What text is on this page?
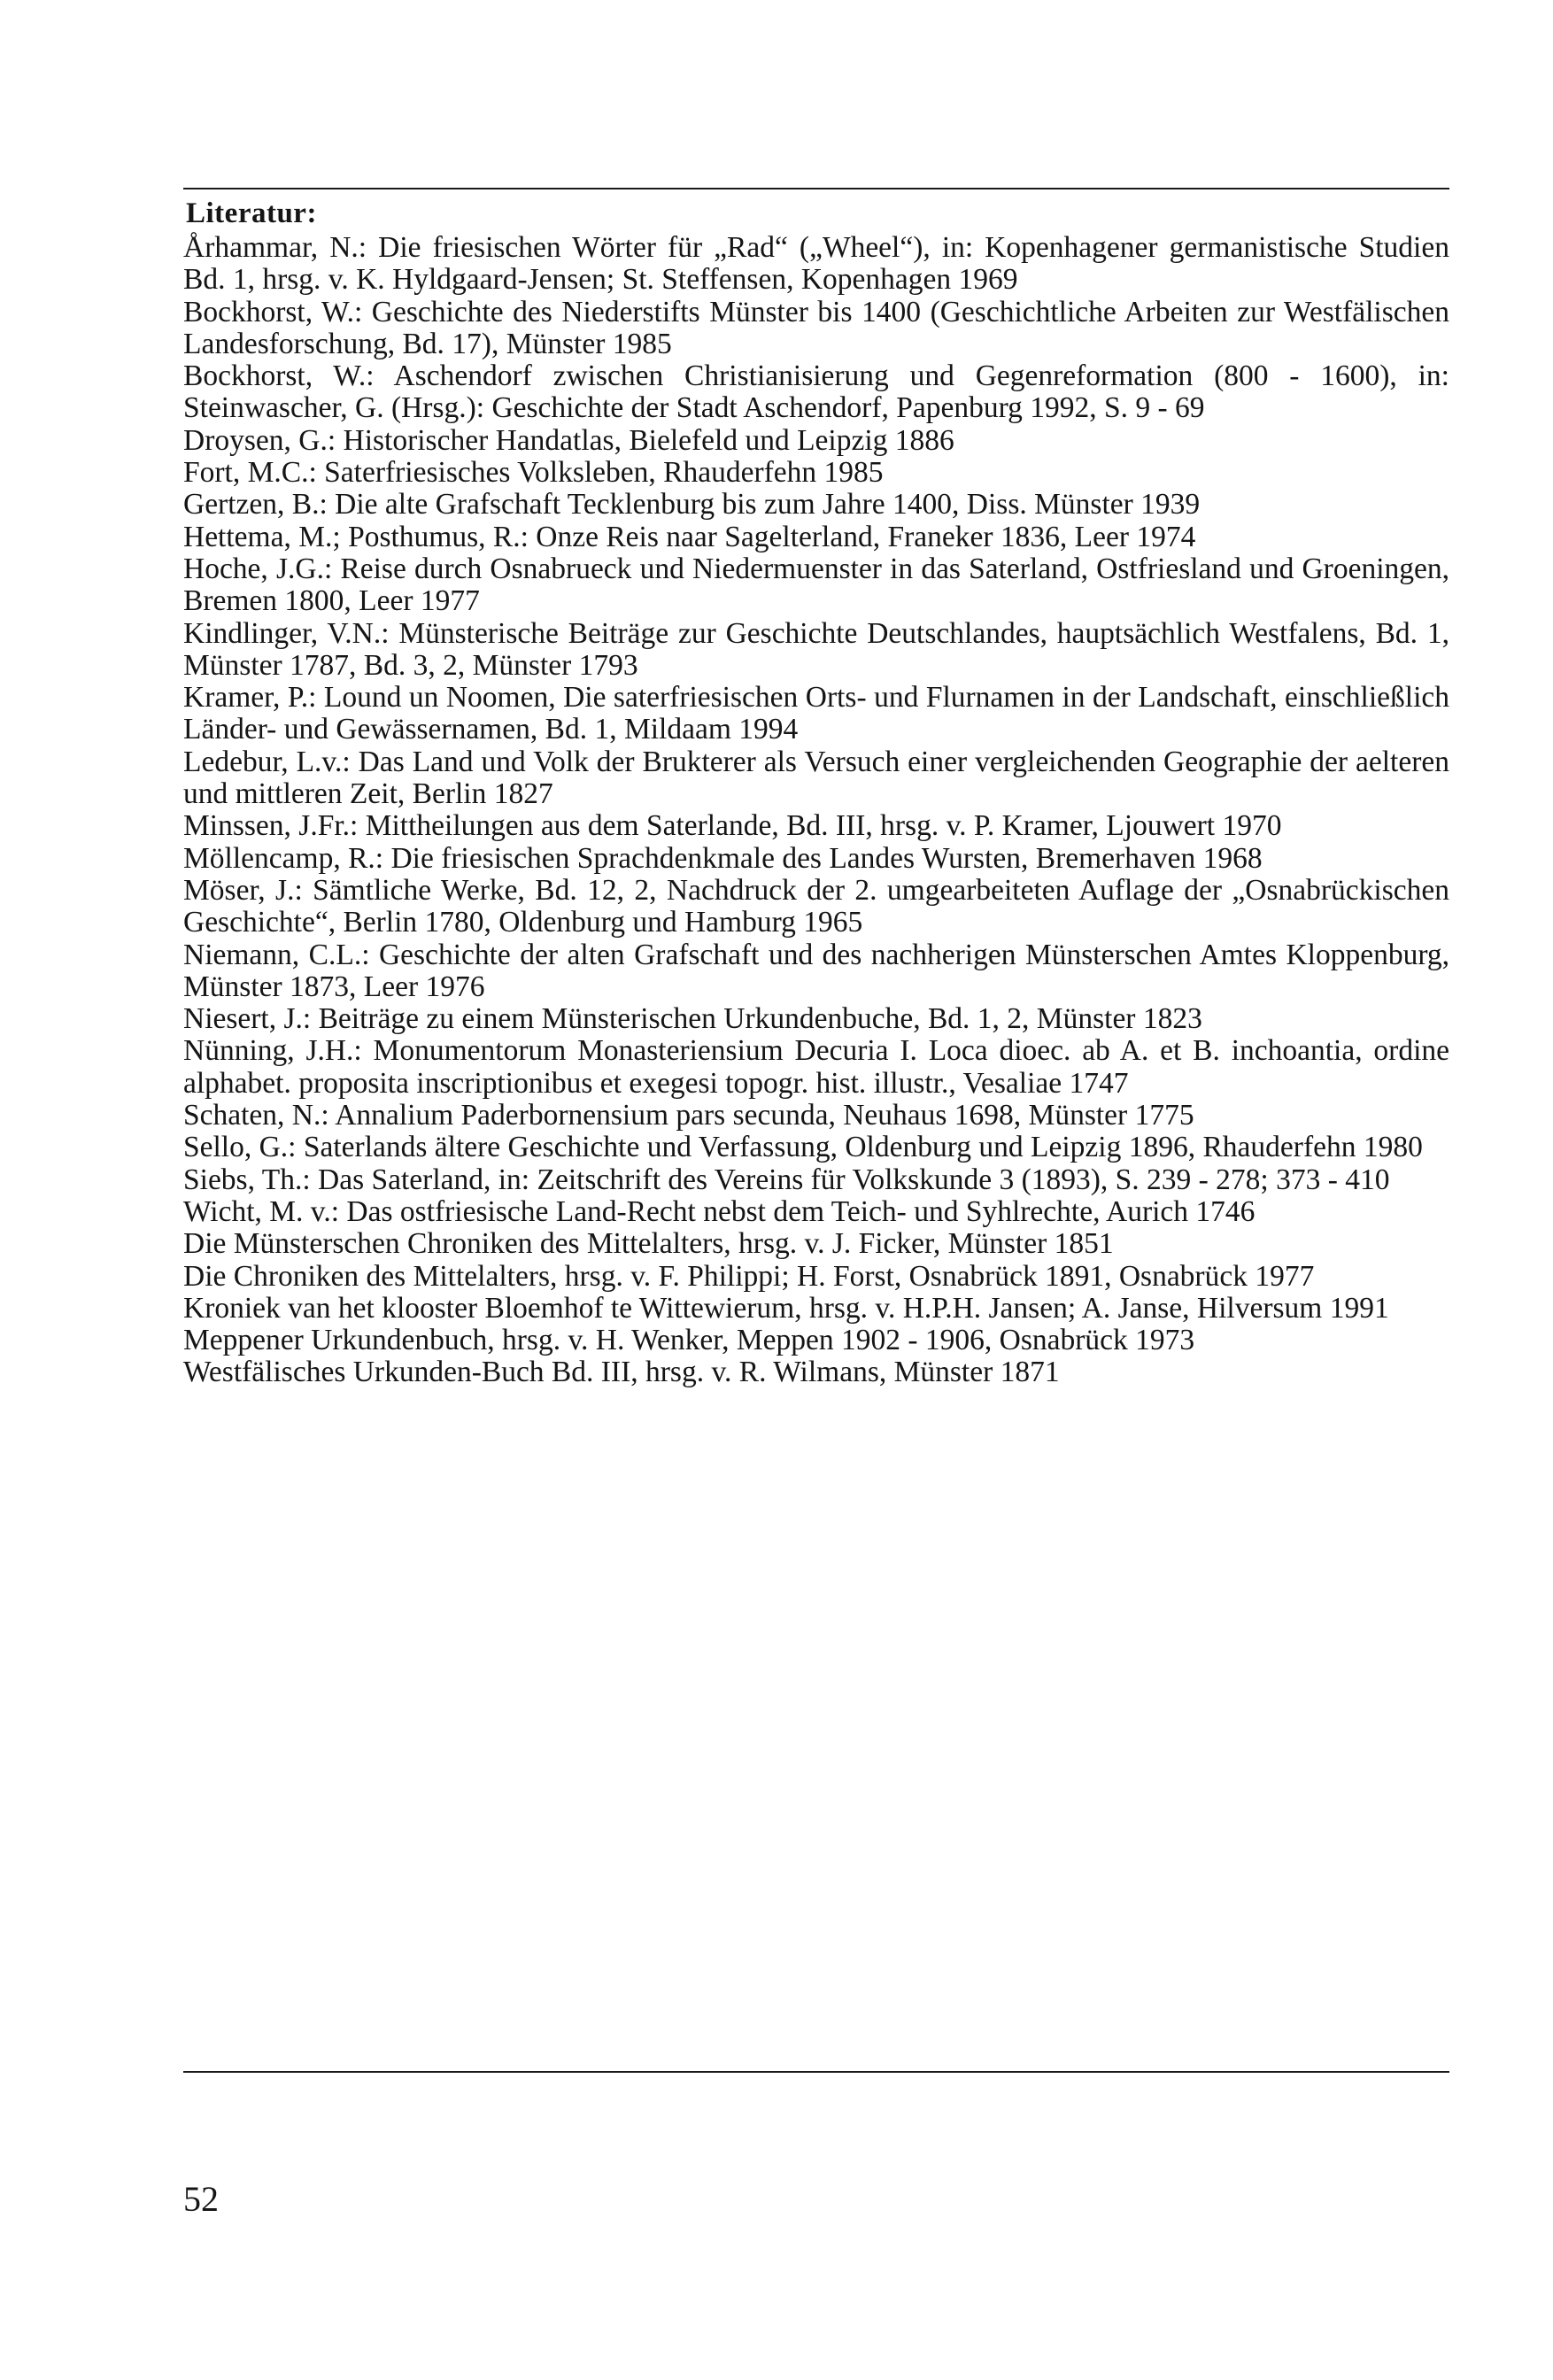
Literatur:
Århammar, N.: Die friesischen Wörter für „Rad“ („Wheel“), in: Kopenhagener germanistische Studien Bd. 1, hrsg. v. K. Hyldgaard-Jensen; St. Steffensen, Kopenhagen 1969
Bockhorst, W.: Geschichte des Niederstifts Münster bis 1400 (Geschichtliche Arbeiten zur Westfälischen Landesforschung, Bd. 17), Münster 1985
Bockhorst, W.: Aschendorf zwischen Christianisierung und Gegenreformation (800 - 1600), in: Steinwascher, G. (Hrsg.): Geschichte der Stadt Aschendorf, Papenburg 1992, S. 9 - 69
Droysen, G.: Historischer Handatlas, Bielefeld und Leipzig 1886
Fort, M.C.: Saterfriesisches Volksleben, Rhauderfehn 1985
Gertzen, B.: Die alte Grafschaft Tecklenburg bis zum Jahre 1400, Diss. Münster 1939
Hettema, M.; Posthumus, R.: Onze Reis naar Sagelterland, Franeker 1836, Leer 1974
Hoche, J.G.: Reise durch Osnabrueck und Niedermuenster in das Saterland, Ostfriesland und Groeningen, Bremen 1800, Leer 1977
Kindlinger, V.N.: Münsterische Beiträge zur Geschichte Deutschlandes, hauptsächlich Westfalens, Bd. 1, Münster 1787, Bd. 3, 2, Münster 1793
Kramer, P.: Lound un Noomen, Die saterfriesischen Orts- und Flurnamen in der Landschaft, einschließlich Länder- und Gewässernamen, Bd. 1, Mildaam 1994
Ledebur, L.v.: Das Land und Volk der Brukterer als Versuch einer vergleichenden Geographie der aelteren und mittleren Zeit, Berlin 1827
Minssen, J.Fr.: Mittheilungen aus dem Saterlande, Bd. III, hrsg. v. P. Kramer, Ljouwert 1970
Möllencamp, R.: Die friesischen Sprachdenkmale des Landes Wursten, Bremerhaven 1968
Möser, J.: Sämtliche Werke, Bd. 12, 2, Nachdruck der 2. umgearbeiteten Auflage der „Osnabrückischen Geschichte“, Berlin 1780, Oldenburg und Hamburg 1965
Niemann, C.L.: Geschichte der alten Grafschaft und des nachherigen Münsterschen Amtes Kloppenburg, Münster 1873, Leer 1976
Niesert, J.: Beiträge zu einem Münsterischen Urkundenbuche, Bd. 1, 2, Münster 1823
Nünning, J.H.: Monumentorum Monasteriensium Decuria I. Loca dioec. ab A. et B. inchoantia, ordine alphabet. proposita inscriptionibus et exegesi topogr. hist. illustr., Vesaliae 1747
Schaten, N.: Annalium Paderbornensium pars secunda, Neuhaus 1698, Münster 1775
Sello, G.: Saterlands ältere Geschichte und Verfassung, Oldenburg und Leipzig 1896, Rhauderfehn 1980
Siebs, Th.: Das Saterland, in: Zeitschrift des Vereins für Volkskunde 3 (1893), S. 239 - 278; 373 - 410
Wicht, M. v.: Das ostfriesische Land-Recht nebst dem Teich- und Syhlrechte, Aurich 1746
Die Münsterschen Chroniken des Mittelalters, hrsg. v. J. Ficker, Münster 1851
Die Chroniken des Mittelalters, hrsg. v. F. Philippi; H. Forst, Osnabrück 1891, Osnabrück 1977
Kroniek van het klooster Bloemhof te Wittewierum, hrsg. v. H.P.H. Jansen; A. Janse, Hilversum 1991
Meppener Urkundenbuch, hrsg. v. H. Wenker, Meppen 1902 - 1906, Osnabrück 1973
Westfälisches Urkunden-Buch Bd. III, hrsg. v. R. Wilmans, Münster 1871
52
